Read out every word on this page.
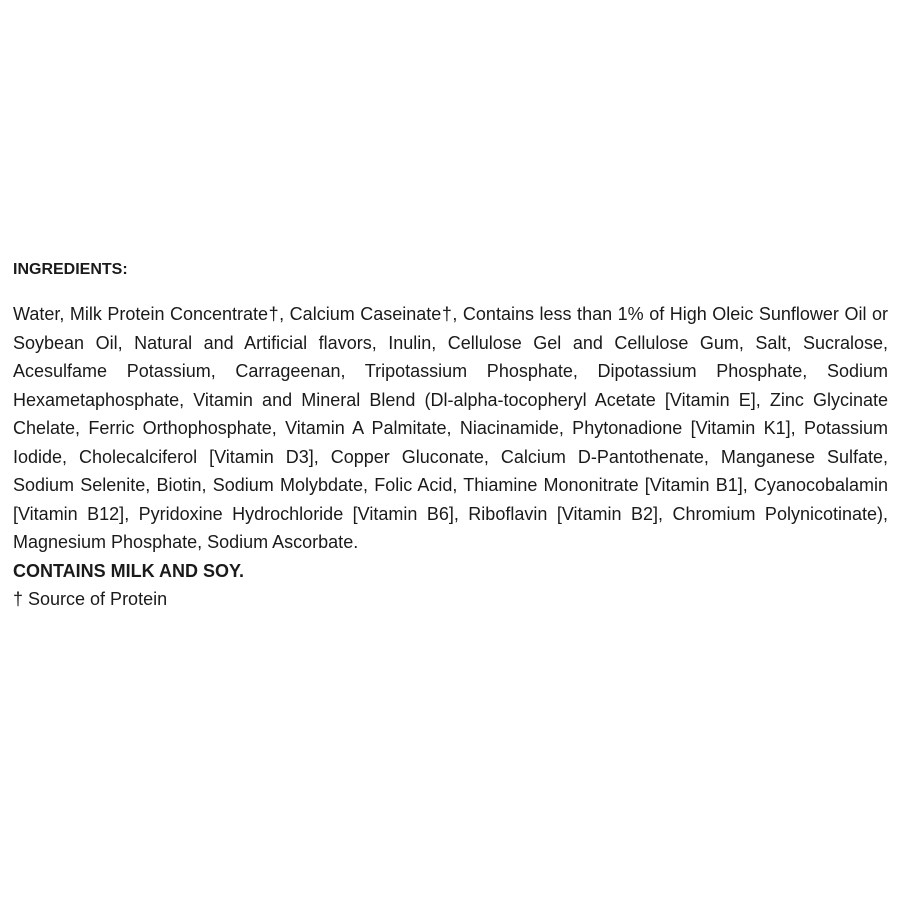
INGREDIENTS:

Water, Milk Protein Concentrate†, Calcium Caseinate†, Contains less than 1% of High Oleic Sunflower Oil or Soybean Oil, Natural and Artificial flavors, Inulin, Cellulose Gel and Cellulose Gum, Salt, Sucralose, Acesulfame Potassium, Carrageenan, Tripotassium Phosphate, Dipotassium Phosphate, Sodium Hexametaphosphate, Vitamin and Mineral Blend (Dl-alpha-tocopheryl Acetate [Vitamin E], Zinc Glycinate Chelate, Ferric Orthophosphate, Vitamin A Palmitate, Niacinamide, Phytonadione [Vitamin K1], Potassium Iodide, Cholecalciferol [Vitamin D3], Copper Gluconate, Calcium D-Pantothenate, Manganese Sulfate, Sodium Selenite, Biotin, Sodium Molybdate, Folic Acid, Thiamine Mononitrate [Vitamin B1], Cyanocobalamin [Vitamin B12], Pyridoxine Hydrochloride [Vitamin B6], Riboflavin [Vitamin B2], Chromium Polynicotinate), Magnesium Phosphate, Sodium Ascorbate.

CONTAINS MILK AND SOY.

† Source of Protein
